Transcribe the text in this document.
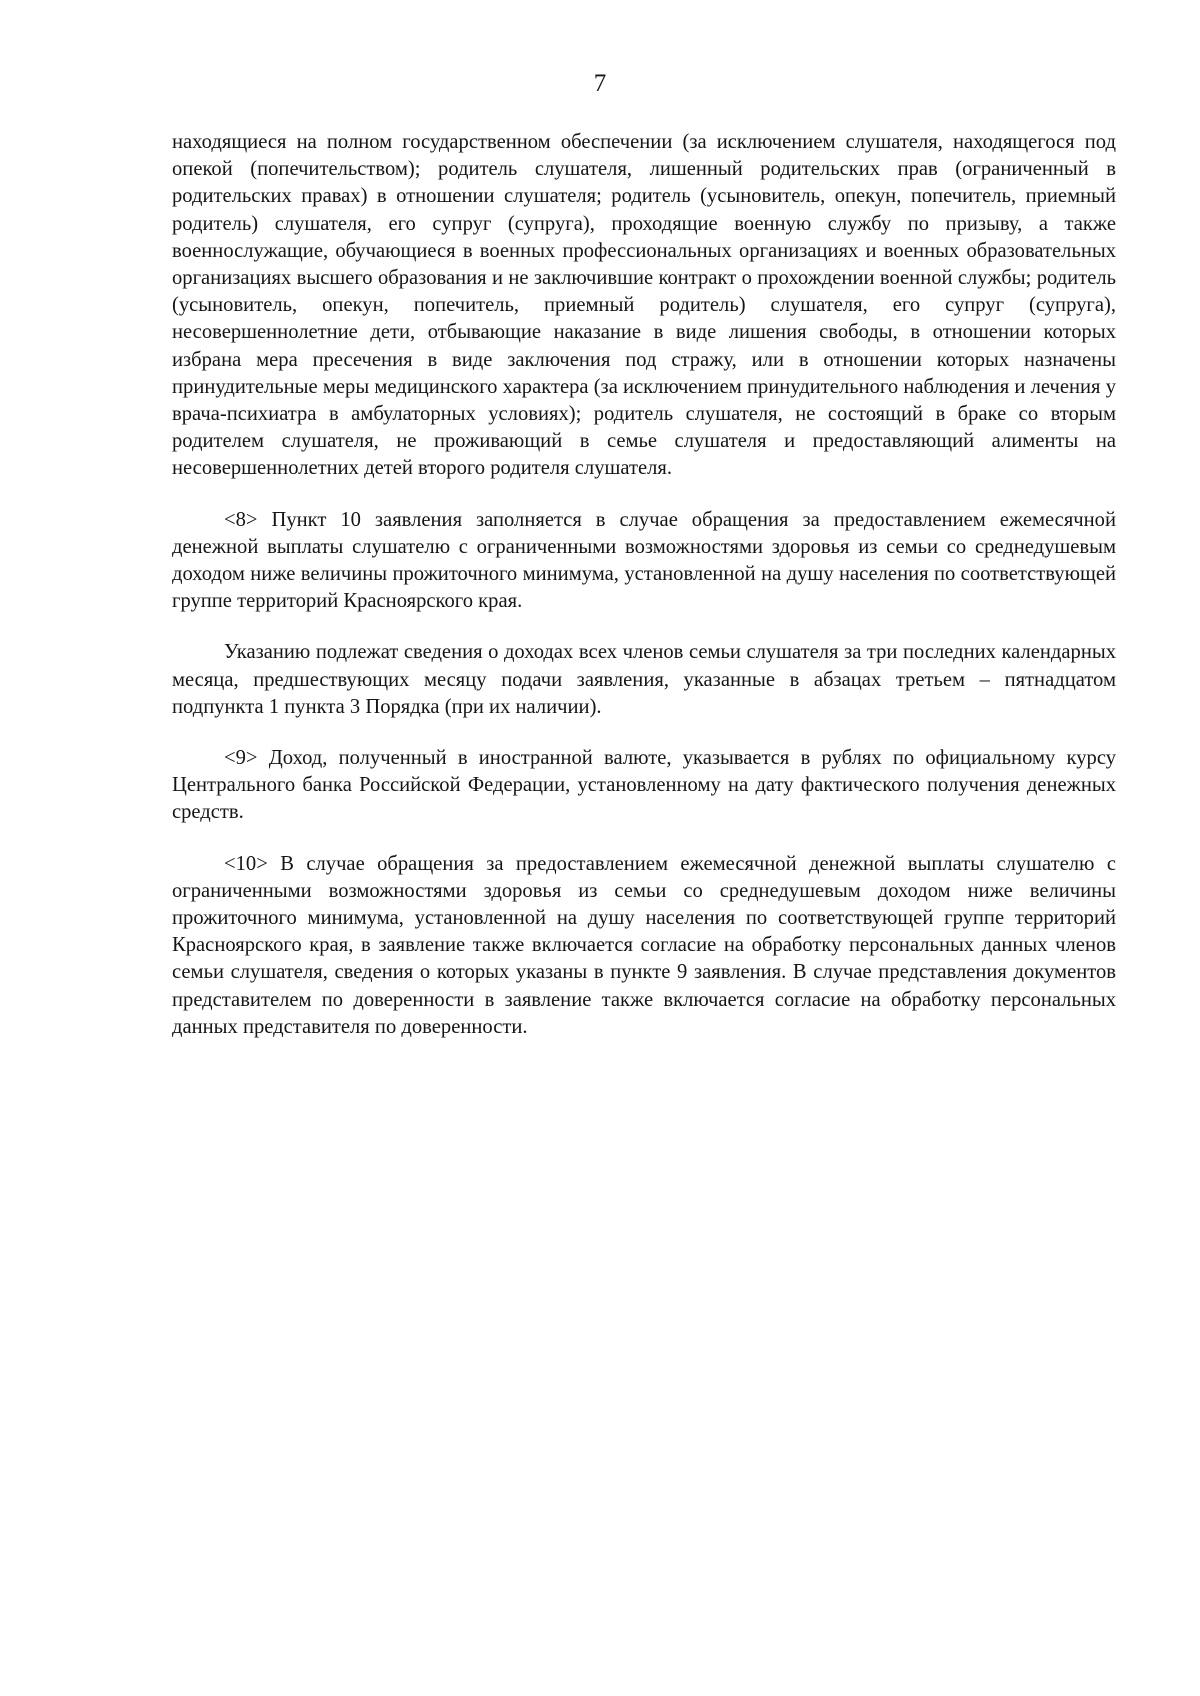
7

находящиеся на полном государственном обеспечении (за исключением слушателя, находящегося под опекой (попечительством); родитель слушателя, лишенный родительских прав (ограниченный в родительских правах) в отношении слушателя; родитель (усыновитель, опекун, попечитель, приемный родитель) слушателя, его супруг (супруга), проходящие военную службу по призыву, а также военнослужащие, обучающиеся в военных профессиональных организациях и военных образовательных организациях высшего образования и не заключившие контракт о прохождении военной службы; родитель (усыновитель, опекун, попечитель, приемный родитель) слушателя, его супруг (супруга), несовершеннолетние дети, отбывающие наказание в виде лишения свободы, в отношении которых избрана мера пресечения в виде заключения под стражу, или в отношении которых назначены принудительные меры медицинского характера (за исключением принудительного наблюдения и лечения у врача-психиатра в амбулаторных условиях); родитель слушателя, не состоящий в браке со вторым родителем слушателя, не проживающий в семье слушателя и предоставляющий алименты на несовершеннолетних детей второго родителя слушателя.

<8> Пункт 10 заявления заполняется в случае обращения за предоставлением ежемесячной денежной выплаты слушателю с ограниченными возможностями здоровья из семьи со среднедушевым доходом ниже величины прожиточного минимума, установленной на душу населения по соответствующей группе территорий Красноярского края.

Указанию подлежат сведения о доходах всех членов семьи слушателя за три последних календарных месяца, предшествующих месяцу подачи заявления, указанные в абзацах третьем – пятнадцатом подпункта 1 пункта 3 Порядка (при их наличии).

<9> Доход, полученный в иностранной валюте, указывается в рублях по официальному курсу Центрального банка Российской Федерации, установленному на дату фактического получения денежных средств.

<10> В случае обращения за предоставлением ежемесячной денежной выплаты слушателю с ограниченными возможностями здоровья из семьи со среднедушевым доходом ниже величины прожиточного минимума, установленной на душу населения по соответствующей группе территорий Красноярского края, в заявление также включается согласие на обработку персональных данных членов семьи слушателя, сведения о которых указаны в пункте 9 заявления. В случае представления документов представителем по доверенности в заявление также включается согласие на обработку персональных данных представителя по доверенности.
